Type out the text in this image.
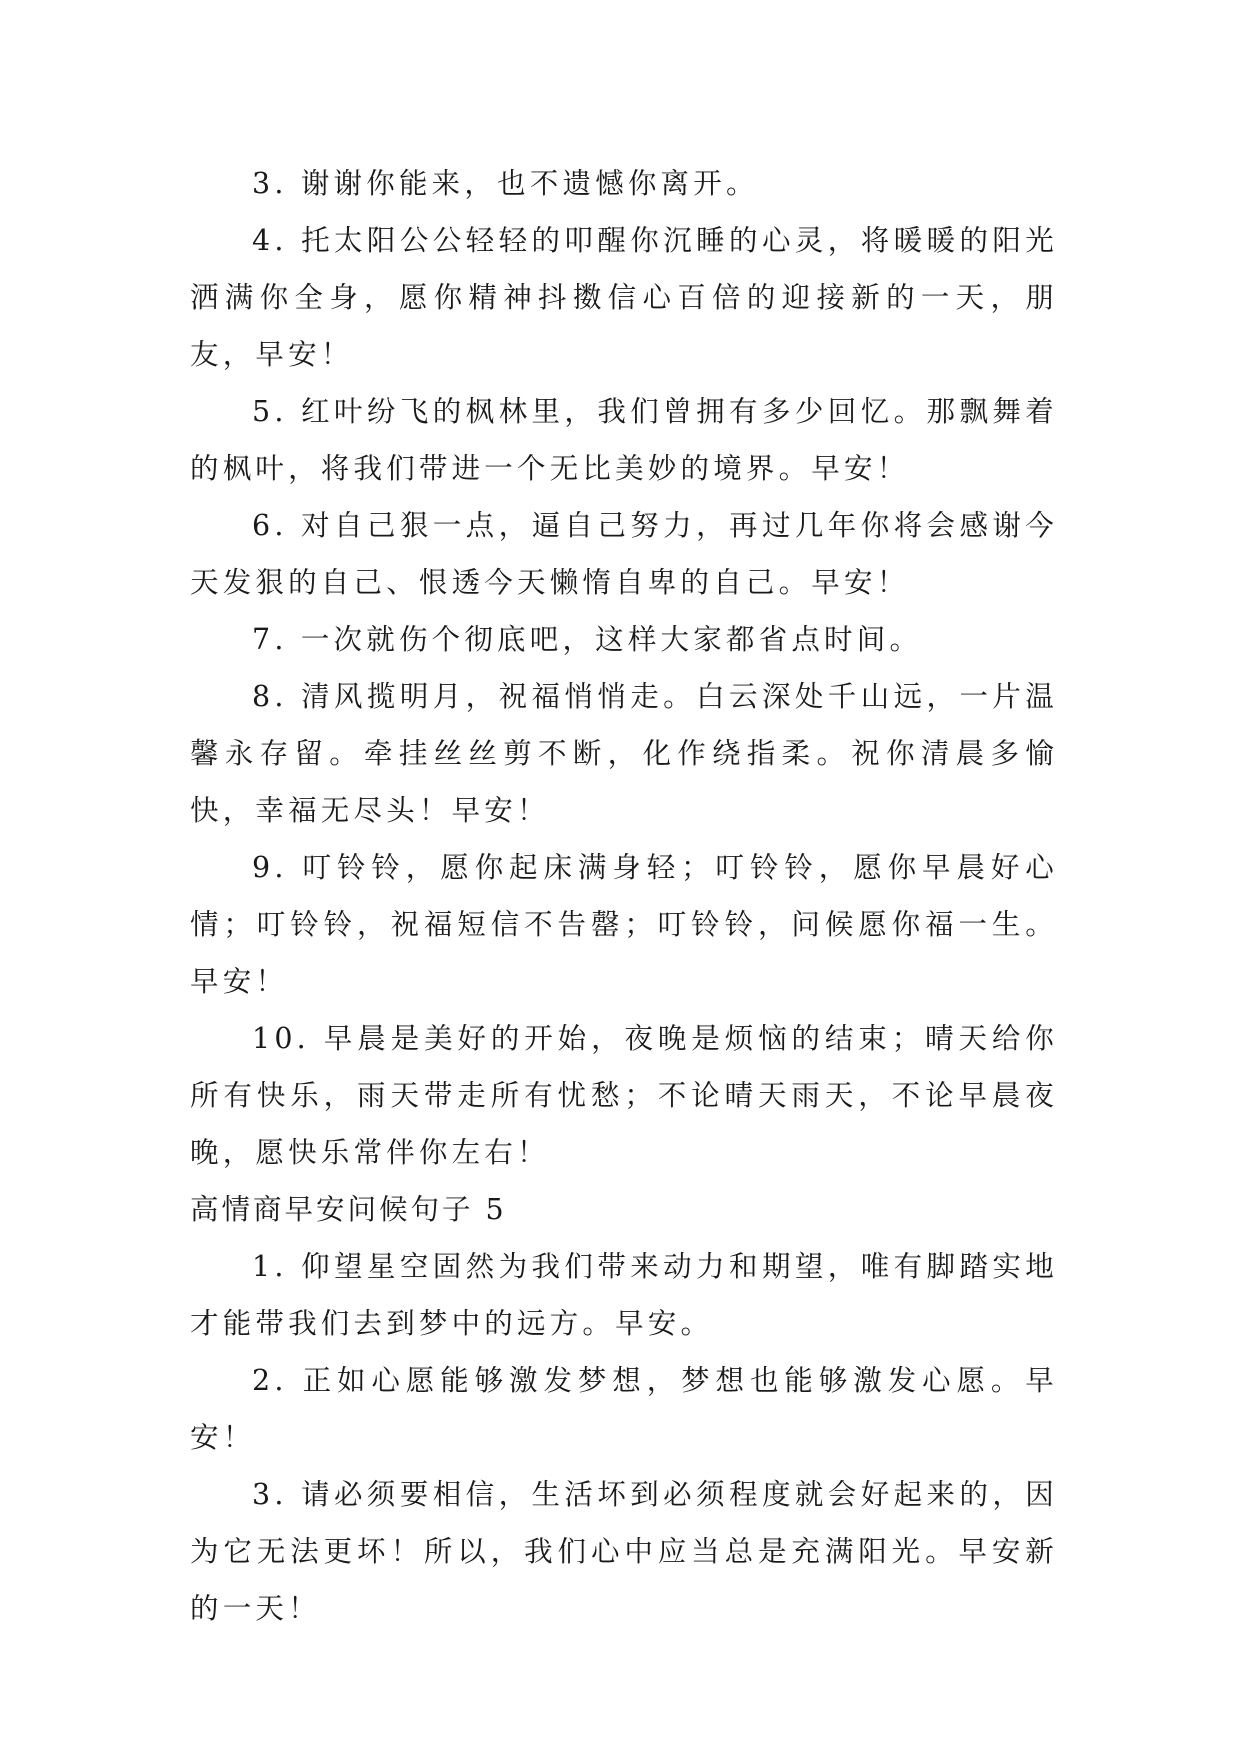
3. 谢谢你能来，也不遗憾你离开。

4. 托太阳公公轻轻的叩醒你沉睡的心灵，将暖暖的阳光洒满你全身，愿你精神抖擞信心百倍的迎接新的一天，朋友，早安！

5. 红叶纷飞的枫林里，我们曾拥有多少回忆。那飘舞着的枫叶，将我们带进一个无比美妙的境界。早安！

6. 对自己狠一点，逼自己努力，再过几年你将会感谢今天发狠的自己、恨透今天懒惰自卑的自己。早安！

7. 一次就伤个彻底吧，这样大家都省点时间。

8. 清风揽明月，祝福悄悄走。白云深处千山远，一片温馨永存留。牵挂丝丝剪不断，化作绕指柔。祝你清晨多愉快，幸福无尽头！早安！

9. 叮铃铃，愿你起床满身轻；叮铃铃，愿你早晨好心情；叮铃铃，祝福短信不告罄；叮铃铃，问候愿你福一生。早安！

10. 早晨是美好的开始，夜晚是烦恼的结束；晴天给你所有快乐，雨天带走所有忧愁；不论晴天雨天，不论早晨夜晚，愿快乐常伴你左右！

高情商早安问候句子 5

1. 仰望星空固然为我们带来动力和期望，唯有脚踏实地才能带我们去到梦中的远方。早安。

2. 正如心愿能够激发梦想，梦想也能够激发心愿。早安！

3. 请必须要相信，生活坏到必须程度就会好起来的，因为它无法更坏！所以，我们心中应当总是充满阳光。早安新的一天！
